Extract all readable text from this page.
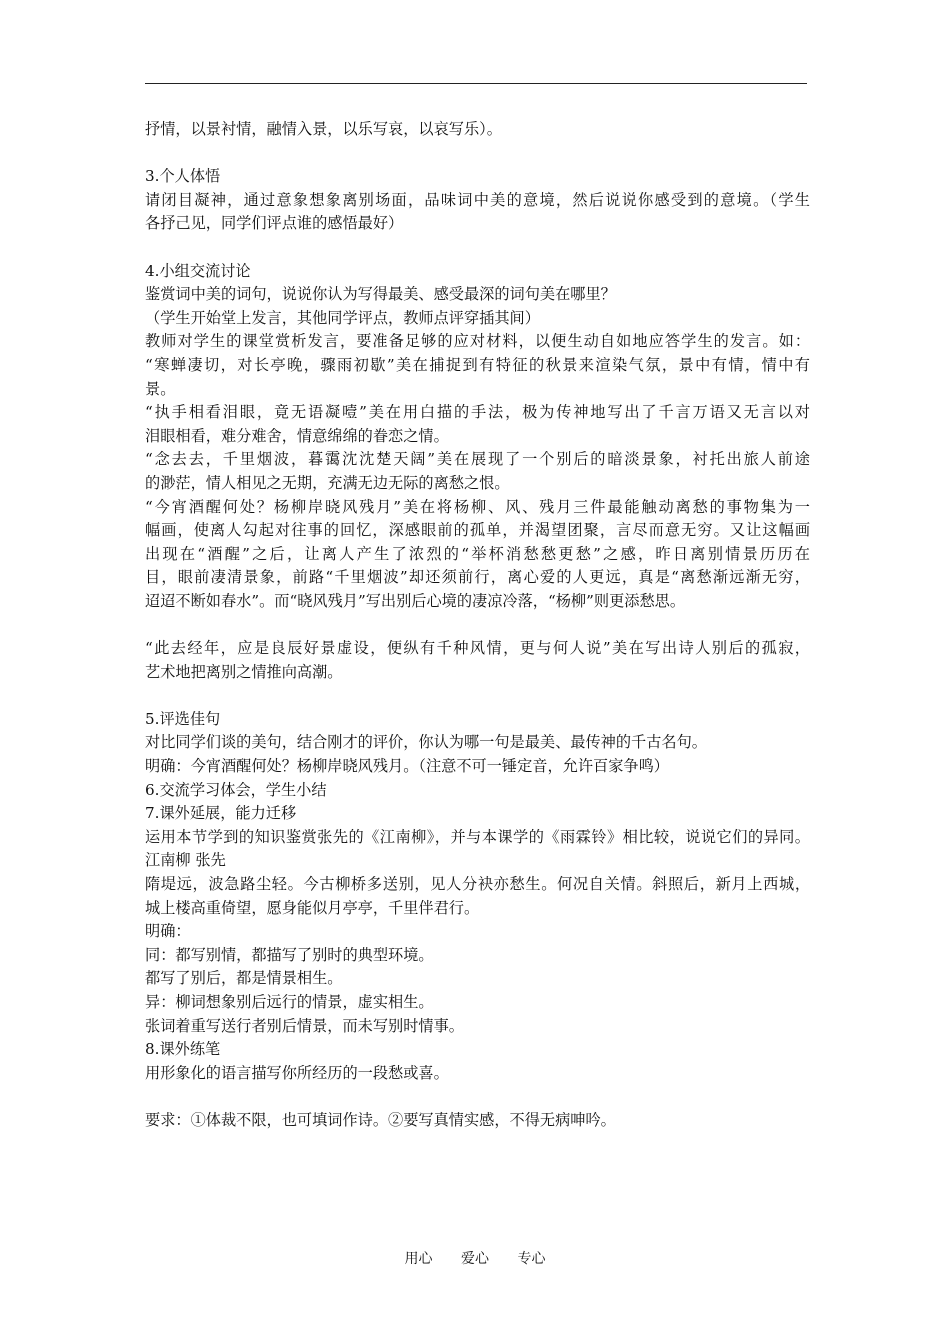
抒情，以景衬情，融情入景，以乐写哀，以哀写乐）。
3.个人体悟
请闭目凝神，通过意象想象离别场面，品味词中美的意境，然后说说你感受到的意境。（学生
各抒己见，同学们评点谁的感悟最好）
4.小组交流讨论
鉴赏词中美的词句，说说你认为写得最美、感受最深的词句美在哪里？
（学生开始堂上发言，其他同学评点，教师点评穿插其间）
教师对学生的课堂赏析发言，要准备足够的应对材料，以便生动自如地应答学生的发言。如：
“寒蝉凄切，对长亭晚，骤雨初歇”美在捕捉到有特征的秋景来渲染气氛，景中有情，情中有
景。
“执手相看泪眼，竟无语凝噎”美在用白描的手法，极为传神地写出了千言万语又无言以对
泪眼相看，难分难舍，情意绵绵的眷恋之情。
“念去去，千里烟波，暮霭沈沈楚天阔”美在展现了一个别后的暗淡景象，衬托出旅人前途
的渺茫，情人相见之无期，充满无边无际的离愁之恨。
“今宵酒醒何处？杨柳岸晓风残月”美在将杨柳、风、残月三件最能触动离愁的事物集为一
幅画，使离人勾起对往事的回忆，深感眼前的孤单，并渴望团聚，言尽而意无穷。又让这幅画
出现在“酒醒”之后，让离人产生了浓烈的“举杯消愁愁更愁”之感，昨日离别情景历历在
目，眼前凄清景象，前路“千里烟波”却还须前行，离心爱的人更远，真是“离愁渐远渐无穷，
迢迢不断如春水”。而“晓风残月”写出别后心境的凄凉冷落，“杨柳”则更添愁思。
“此去经年，应是良辰好景虚设，便纵有千种风情，更与何人说”美在写出诗人别后的孤寂，
艺术地把离别之情推向高潮。
5.评选佳句
对比同学们谈的美句，结合刚才的评价，你认为哪一句是最美、最传神的千古名句。
明确：今宵酒醒何处？杨柳岸晓风残月。（注意不可一锤定音，允许百家争鸣）
6.交流学习体会，学生小结
7.课外延展，能力迁移
运用本节学到的知识鉴赏张先的《江南柳》，并与本课学的《雨霖铃》相比较，说说它们的异同。
江南柳 张先
隋堤远，波急路尘轻。今古柳桥多送别，见人分袂亦愁生。何况自关情。斜照后，新月上西城，
城上楼高重倚望，愿身能似月亭亭，千里伴君行。
明确：
同：都写别情，都描写了别时的典型环境。
都写了别后，都是情景相生。
异：柳词想象别后远行的情景，虚实相生。
张词着重写送行者别后情景，而未写别时情事。
8.课外练笔
用形象化的语言描写你所经历的一段愁或喜。
要求：①体裁不限，也可填词作诗。②要写真情实感，不得无病呻吟。
用心 爱心 专心
